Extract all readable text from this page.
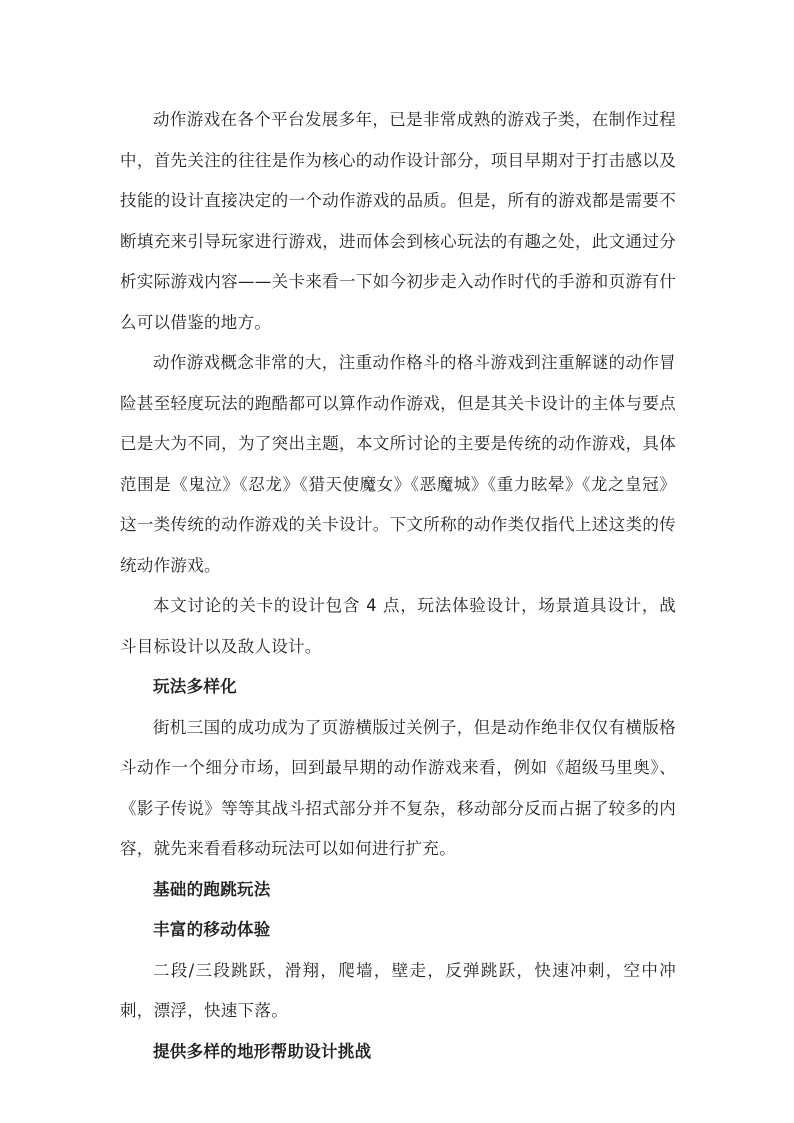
动作游戏在各个平台发展多年，已是非常成熟的游戏子类，在制作过程中，首先关注的往往是作为核心的动作设计部分，项目早期对于打击感以及技能的设计直接决定的一个动作游戏的品质。但是，所有的游戏都是需要不断填充来引导玩家进行游戏，进而体会到核心玩法的有趣之处，此文通过分析实际游戏内容——关卡来看一下如今初步走入动作时代的手游和页游有什么可以借鉴的地方。

动作游戏概念非常的大，注重动作格斗的格斗游戏到注重解谜的动作冒险甚至轻度玩法的跑酷都可以算作动作游戏，但是其关卡设计的主体与要点已是大为不同，为了突出主题，本文所讨论的主要是传统的动作游戏，具体范围是《鬼泣》《忍龙》《猎天使魔女》《恶魔城》《重力眩晕》《龙之皇冠》这一类传统的动作游戏的关卡设计。下文所称的动作类仅指代上述这类的传统动作游戏。

本文讨论的关卡的设计包含 4 点，玩法体验设计，场景道具设计，战斗目标设计以及敌人设计。

玩法多样化

街机三国的成功成为了页游横版过关例子，但是动作绝非仅仅有横版格斗动作一个细分市场，回到最早期的动作游戏来看，例如《超级马里奥》、《影子传说》等等其战斗招式部分并不复杂，移动部分反而占据了较多的内容，就先来看看移动玩法可以如何进行扩充。

基础的跑跳玩法

丰富的移动体验

二段/三段跳跃，滑翔，爬墙，壁走，反弹跳跃，快速冲刺，空中冲刺，漂浮，快速下落。

提供多样的地形帮助设计挑战
